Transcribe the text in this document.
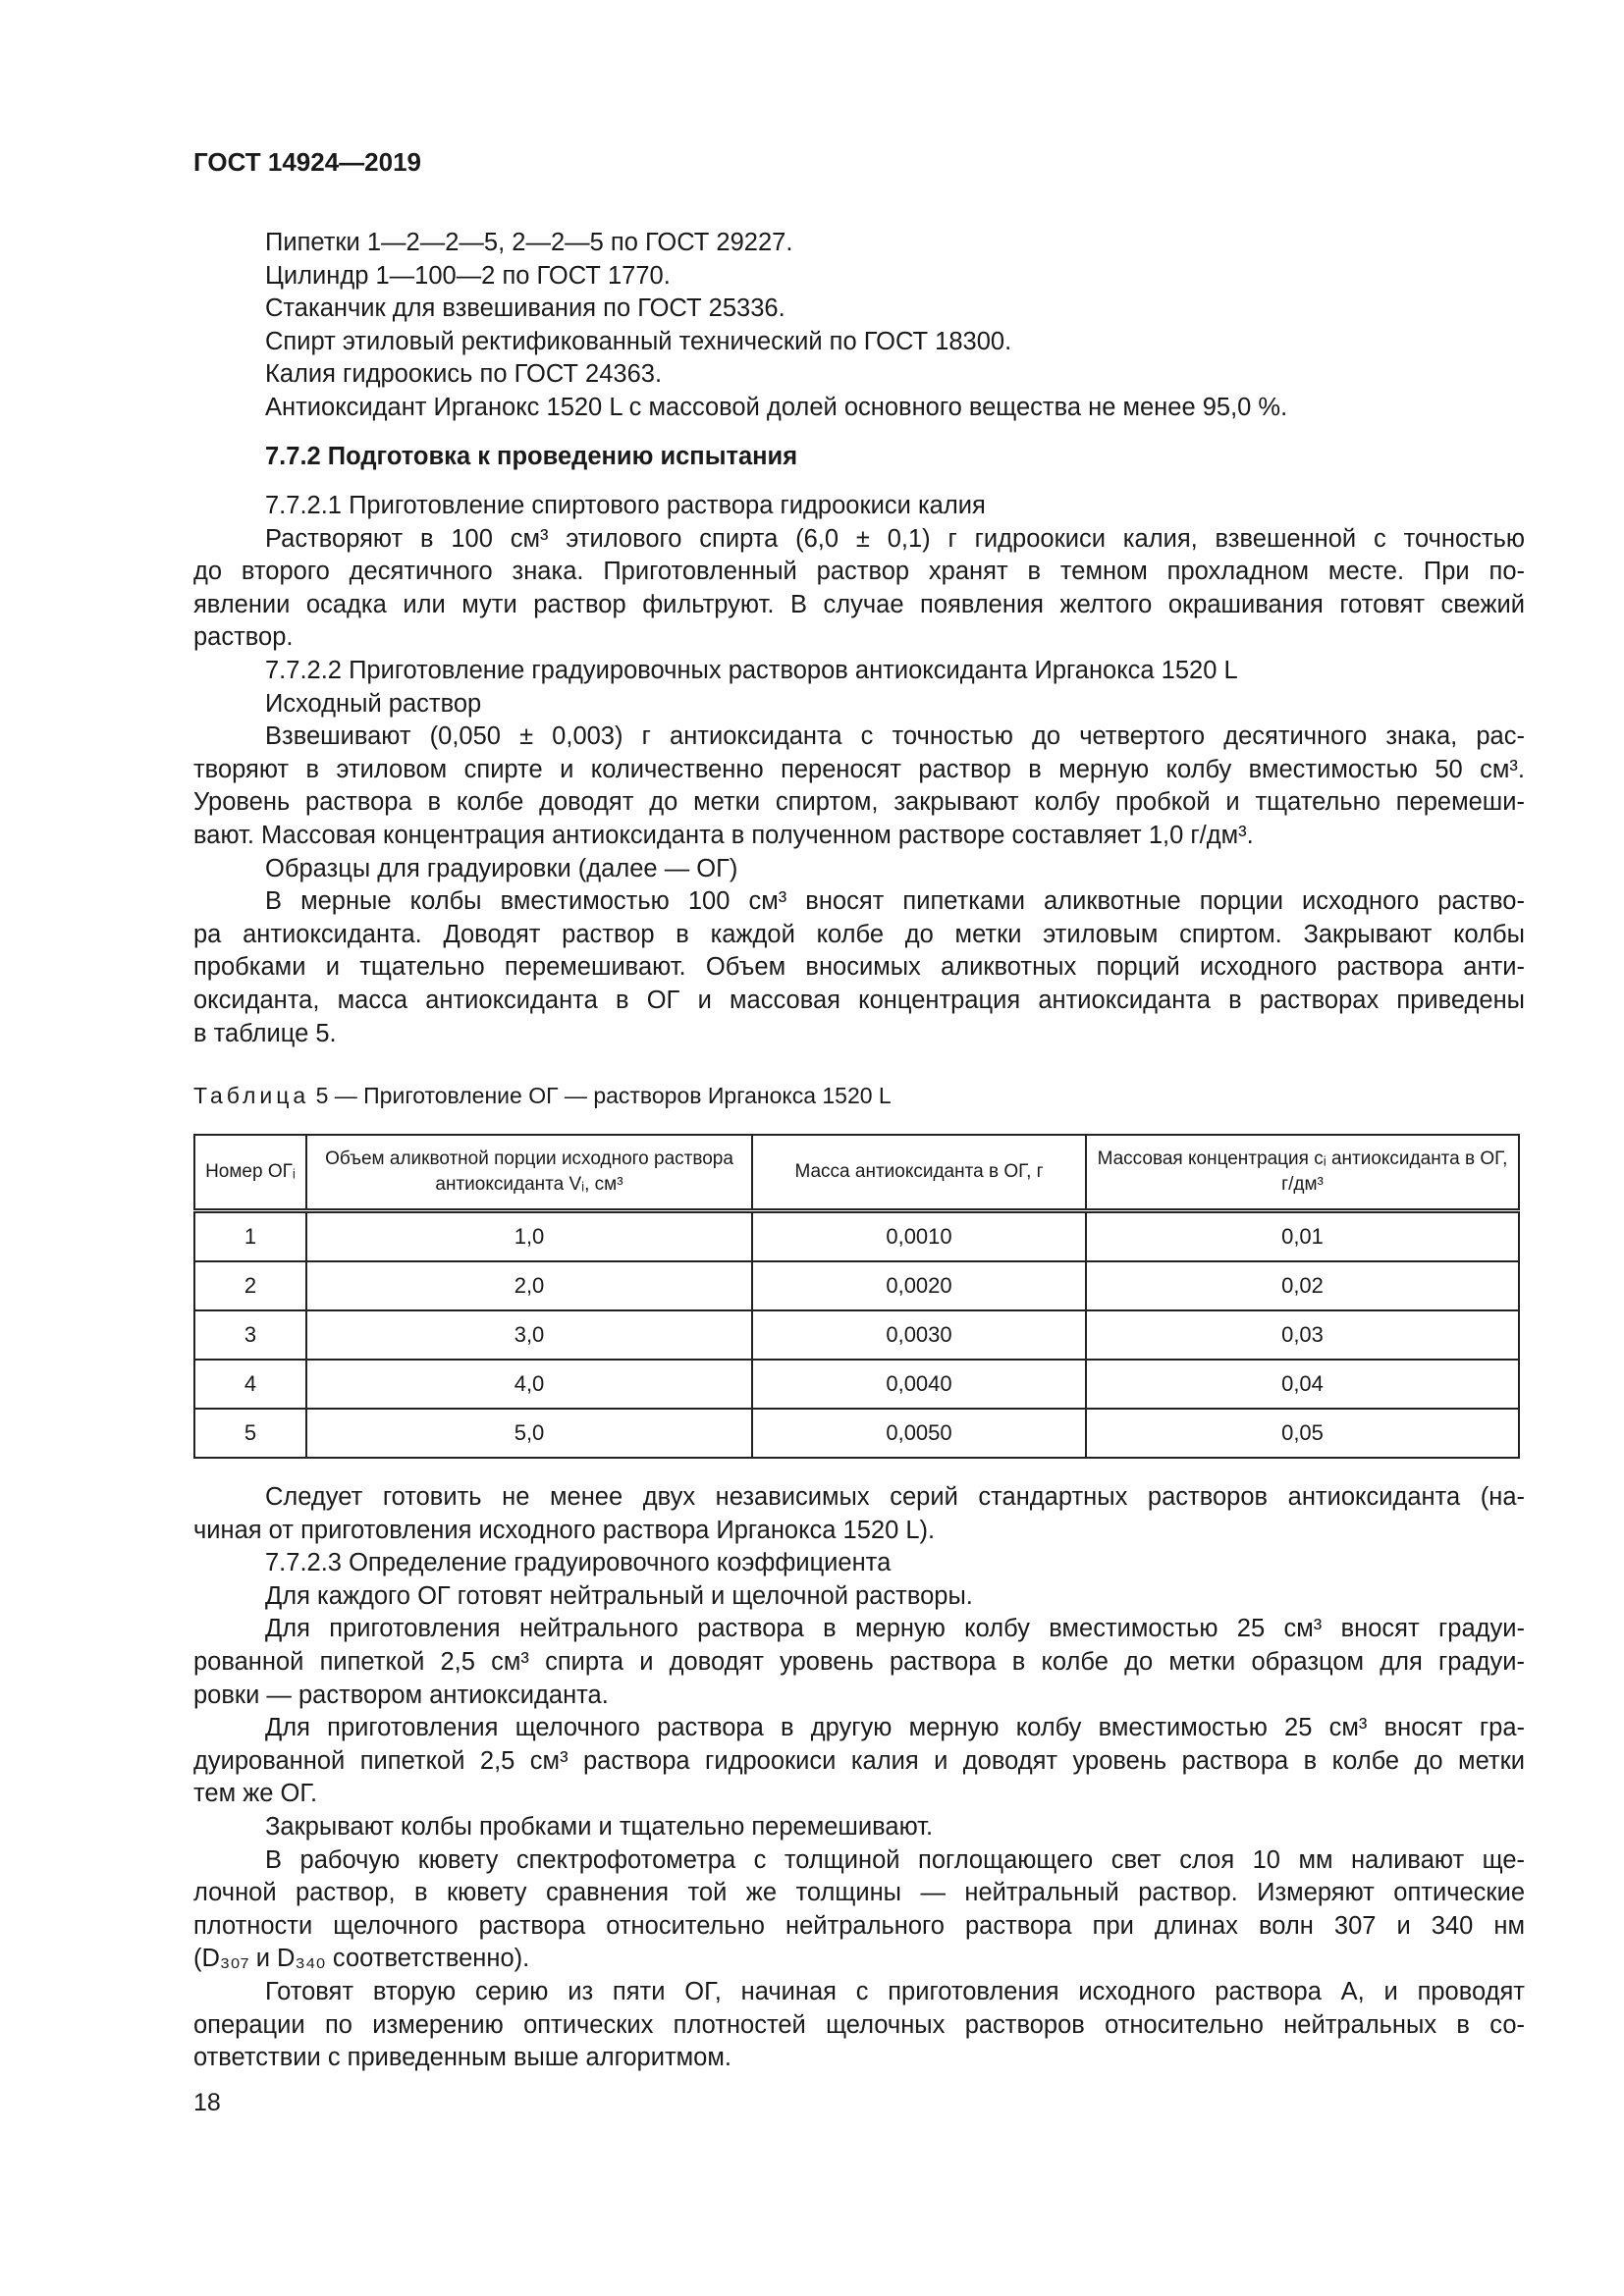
ГОСТ 14924—2019
Пипетки 1—2—2—5, 2—2—5 по ГОСТ 29227.
Цилиндр 1—100—2 по ГОСТ 1770.
Стаканчик для взвешивания по ГОСТ 25336.
Спирт этиловый ректификованный технический по ГОСТ 18300.
Калия гидроокись по ГОСТ 24363.
Антиоксидант Ирганокс 1520 L с массовой долей основного вещества не менее 95,0 %.
7.7.2 Подготовка к проведению испытания
7.7.2.1 Приготовление спиртового раствора гидроокиси калия
Растворяют в 100 см³ этилового спирта (6,0 ± 0,1) г гидроокиси калия, взвешенной с точностью
до второго десятичного знака. Приготовленный раствор хранят в темном прохладном месте. При по-
явлении осадка или мути раствор фильтруют. В случае появления желтого окрашивания готовят свежий
раствор.
7.7.2.2 Приготовление градуировочных растворов антиоксиданта Ирганокса 1520 L
Исходный раствор
Взвешивают (0,050 ± 0,003) г антиоксиданта с точностью до четвертого десятичного знака, рас-
творяют в этиловом спирте и количественно переносят раствор в мерную колбу вместимостью 50 см³.
Уровень раствора в колбе доводят до метки спиртом, закрывают колбу пробкой и тщательно перемеши-
вают. Массовая концентрация антиоксиданта в полученном растворе составляет 1,0 г/дм³.
Образцы для градуировки (далее — ОГ)
В мерные колбы вместимостью 100 см³ вносят пипетками аликвотные порции исходного раство-
ра антиоксиданта. Доводят раствор в каждой колбе до метки этиловым спиртом. Закрывают колбы
пробками и тщательно перемешивают. Объем вносимых аликвотных порций исходного раствора анти-
оксиданта, масса антиоксиданта в ОГ и массовая концентрация антиоксиданта в растворах приведены
в таблице 5.
Таблица 5 — Приготовление ОГ — растворов Ирганокса 1520 L
Номер ОГᵢ	Объем аликвотной порции исходного раствора антиоксиданта Vᵢ, см³	Масса антиоксиданта в ОГ, г	Массовая концентрация cᵢ антиоксиданта в ОГ, г/дм³
1	1,0	0,0010	0,01
2	2,0	0,0020	0,02
3	3,0	0,0030	0,03
4	4,0	0,0040	0,04
5	5,0	0,0050	0,05
Следует готовить не менее двух независимых серий стандартных растворов антиоксиданта (на-
чиная от приготовления исходного раствора Ирганокса 1520 L).
7.7.2.3 Определение градуировочного коэффициента
Для каждого ОГ готовят нейтральный и щелочной растворы.
Для приготовления нейтрального раствора в мерную колбу вместимостью 25 см³ вносят градуи-
рованной пипеткой 2,5 см³ спирта и доводят уровень раствора в колбе до метки образцом для градуи-
ровки — раствором антиоксиданта.
Для приготовления щелочного раствора в другую мерную колбу вместимостью 25 см³ вносят гра-
дуированной пипеткой 2,5 см³ раствора гидроокиси калия и доводят уровень раствора в колбе до метки
тем же ОГ.
Закрывают колбы пробками и тщательно перемешивают.
В рабочую кювету спектрофотометра с толщиной поглощающего свет слоя 10 мм наливают ще-
лочной раствор, в кювету сравнения той же толщины — нейтральный раствор. Измеряют оптические
плотности щелочного раствора относительно нейтрального раствора при длинах волн 307 и 340 нм
(D₃₀₇ и D₃₄₀ соответственно).
Готовят вторую серию из пяти ОГ, начиная с приготовления исходного раствора А, и проводят
операции по измерению оптических плотностей щелочных растворов относительно нейтральных в со-
ответствии с приведенным выше алгоритмом.
18
